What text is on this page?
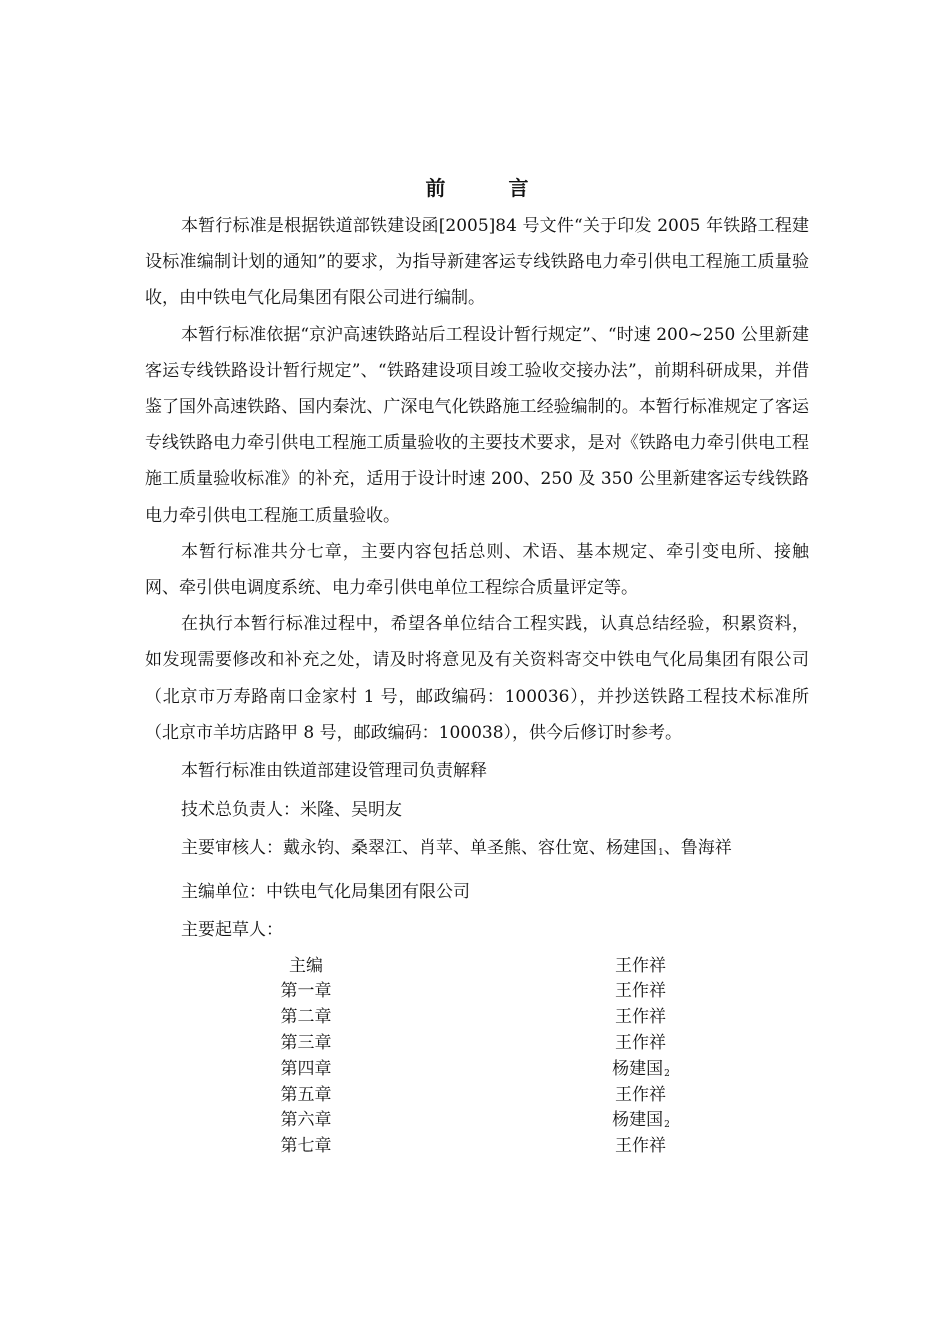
前 言

本暂行标准是根据铁道部铁建设函[2005]84 号文件“关于印发 2005 年铁路工程建设标准编制计划的通知”的要求，为指导新建客运专线铁路电力牵引供电工程施工质量验收，由中铁电气化局集团有限公司进行编制。

本暂行标准依据“京沪高速铁路站后工程设计暂行规定”、“时速 200~250 公里新建客运专线铁路设计暂行规定”、“铁路建设项目竣工验收交接办法”，前期科研成果，并借鉴了国外高速铁路、国内秦沈、广深电气化铁路施工经验编制的。本暂行标准规定了客运专线铁路电力牵引供电工程施工质量验收的主要技术要求，是对《铁路电力牵引供电工程施工质量验收标准》的补充，适用于设计时速 200、250 及 350 公里新建客运专线铁路电力牵引供电工程施工质量验收。

本暂行标准共分七章，主要内容包括总则、术语、基本规定、牵引变电所、接触网、牵引供电调度系统、电力牵引供电单位工程综合质量评定等。

在执行本暂行标准过程中，希望各单位结合工程实践，认真总结经验，积累资料，如发现需要修改和补充之处，请及时将意见及有关资料寄交中铁电气化局集团有限公司（北京市万寿路南口金家村 1 号，邮政编码：100036），并抄送铁路工程技术标准所（北京市羊坊店路甲 8 号，邮政编码：100038），供今后修订时参考。

本暂行标准由铁道部建设管理司负责解释
技术总负责人：米隆、吴明友
主要审核人：戴永钧、桑翠江、肖苹、单圣熊、容仕宽、杨建国$_1$、鲁海祥
主编单位：中铁电气化局集团有限公司
主要起草人：
主编	王作祥
第一章	王作祥
第二章	王作祥
第三章	王作祥
第四章	杨建国$_2$
第五章	王作祥
第六章	杨建国$_2$
第七章	王作祥
